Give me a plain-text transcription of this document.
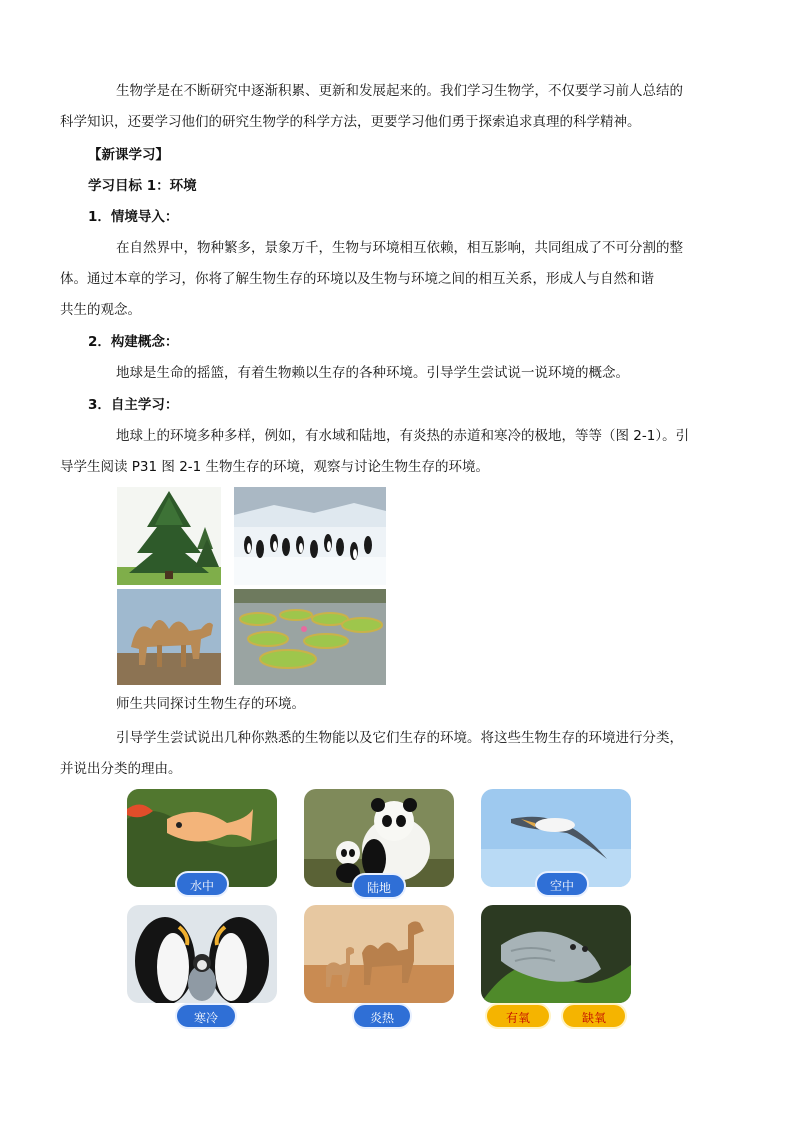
生物学是在不断研究中逐渐积累、更新和发展起来的。我们学习生物学，不仅要学习前人总结的
科学知识，还要学习他们的研究生物学的科学方法，更要学习他们勇于探索追求真理的科学精神。

【新课学习】

学习目标 1：环境

1．情境导入：

在自然界中，物种繁多，景象万千，生物与环境相互依赖，相互影响，共同组成了不可分割的整
体。通过本章的学习，你将了解生物生存的环境以及生物与环境之间的相互关系，形成人与自然和谐
共生的观念。

2．构建概念：

地球是生命的摇篮，有着生物赖以生存的各种环境。引导学生尝试说一说环境的概念。

3．自主学习：

地球上的环境多种多样，例如，有水域和陆地，有炎热的赤道和寒冷的极地，等等（图 2-1）。引
导学生阅读 P31 图 2-1 生物生存的环境，观察与讨论生物生存的环境。

师生共同探讨生物生存的环境。

引导学生尝试说出几种你熟悉的生物能以及它们生存的环境。将这些生物生存的环境进行分类，
并说出分类的理由。

水中	陆地	空中
寒冷	炎热	有氧	缺氧
